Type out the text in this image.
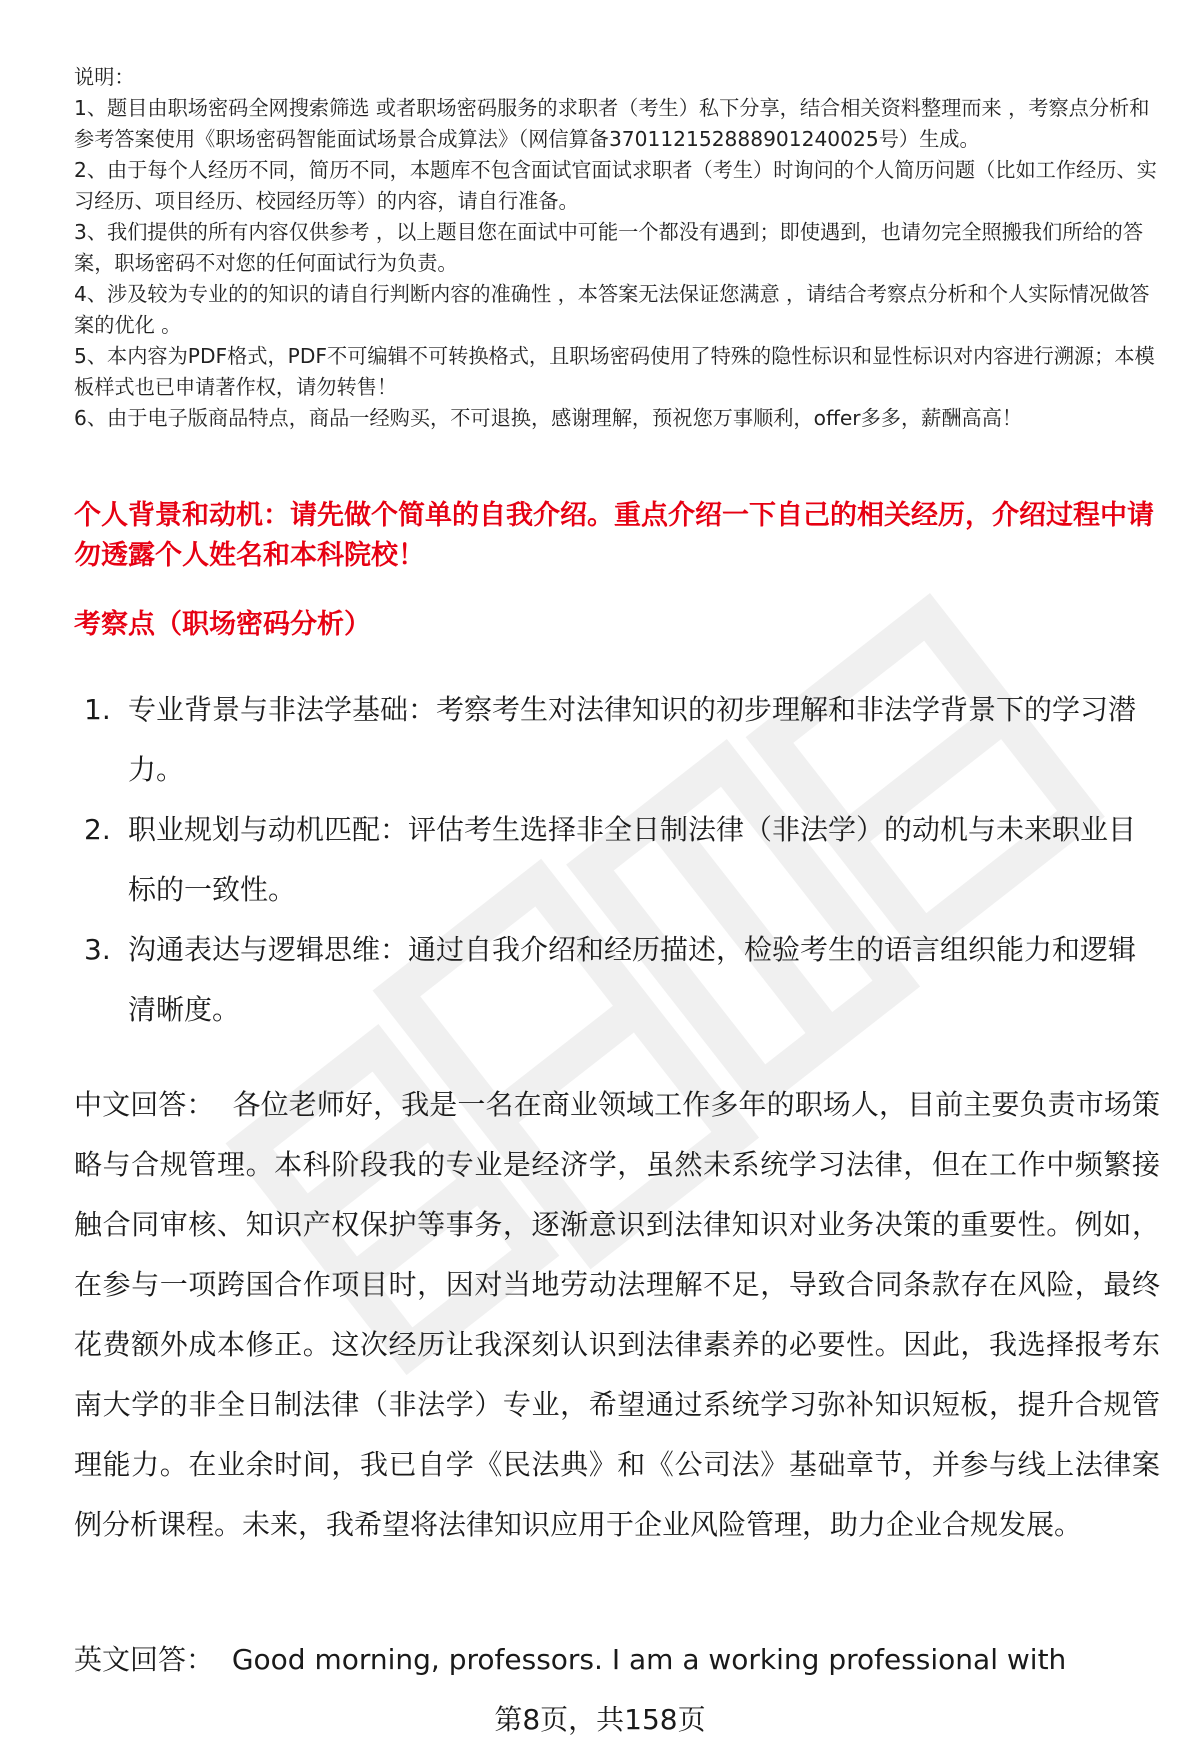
说明：

1、题目由职场密码全网搜索筛选 或者职场密码服务的求职者（考生）私下分享，结合相关资料整理而来 ，考察点分析和参考答案使用《职场密码智能面试场景合成算法》（网信算备370112152888901240025号）生成。

2、由于每个人经历不同，简历不同，本题库不包含面试官面试求职者（考生）时询问的个人简历问题（比如工作经历、实习经历、项目经历、校园经历等）的内容，请自行准备。

3、我们提供的所有内容仅供参考 ，以上题目您在面试中可能一个都没有遇到；即使遇到，也请勿完全照搬我们所给的答案，职场密码不对您的任何面试行为负责。

4、涉及较为专业的的知识的请自行判断内容的准确性 ，本答案无法保证您满意 ，请结合考察点分析和个人实际情况做答案的优化 。

5、本内容为PDF格式，PDF不可编辑不可转换格式，且职场密码使用了特殊的隐性标识和显性标识对内容进行溯源；本模板样式也已申请著作权，请勿转售！

6、由于电子版商品特点，商品一经购买，不可退换，感谢理解，预祝您万事顺利，offer多多，薪酬高高！

个人背景和动机：请先做个简单的自我介绍。重点介绍一下自己的相关经历，介绍过程中请勿透露个人姓名和本科院校！
考察点（职场密码分析）
1. 专业背景与非法学基础：考察考生对法律知识的初步理解和非法学背景下的学习潜力。
2. 职业规划与动机匹配：评估考生选择非全日制法律（非法学）的动机与未来职业目标的一致性。
3. 沟通表达与逻辑思维：通过自我介绍和经历描述，检验考生的语言组织能力和逻辑清晰度。

中文回答： 各位老师好，我是一名在商业领域工作多年的职场人，目前主要负责市场策略与合规管理。本科阶段我的专业是经济学，虽然未系统学习法律，但在工作中频繁接触合同审核、知识产权保护等事务，逐渐意识到法律知识对业务决策的重要性。例如，在参与一项跨国合作项目时，因对当地劳动法理解不足，导致合同条款存在风险，最终花费额外成本修正。这次经历让我深刻认识到法律素养的必要性。因此，我选择报考东南大学的非全日制法律（非法学）专业，希望通过系统学习弥补知识短板，提升合规管理能力。在业余时间，我已自学《民法典》和《公司法》基础章节，并参与线上法律案例分析课程。未来，我希望将法律知识应用于企业风险管理，助力企业合规发展。

英文回答： Good morning, professors. I am a working professional with

第8页，共158页
